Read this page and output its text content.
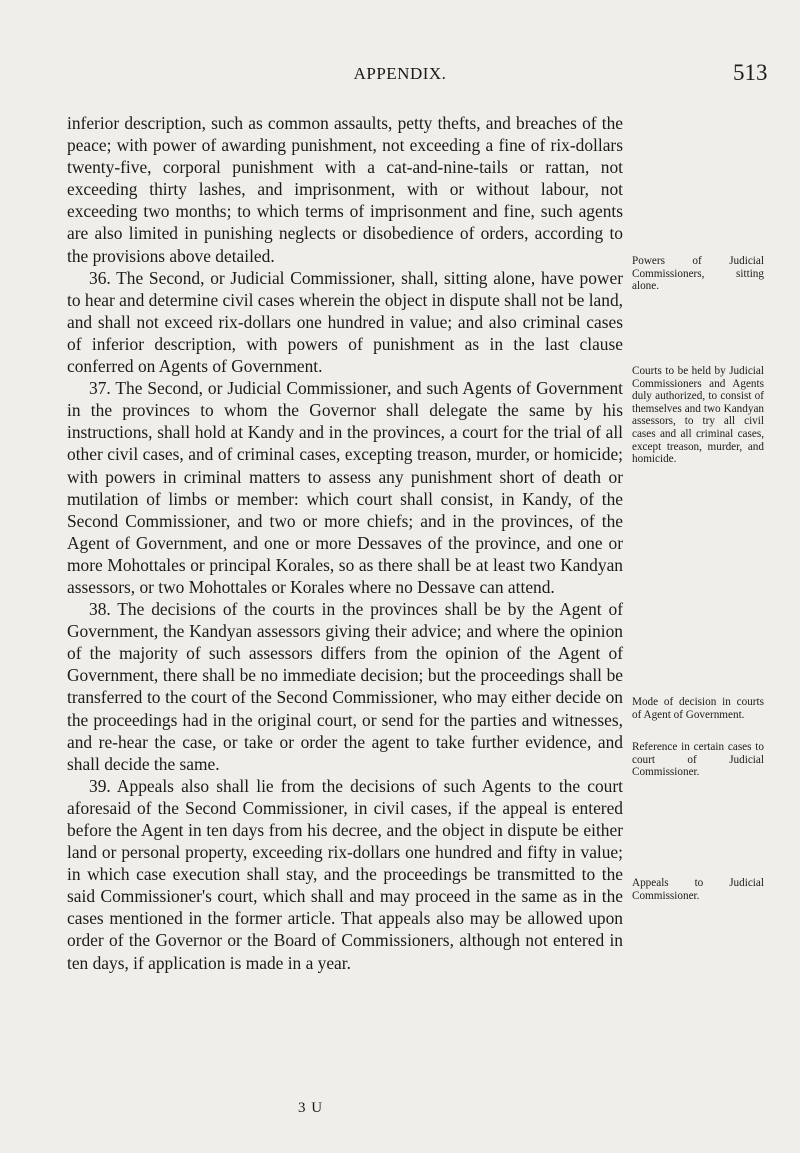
APPENDIX.	513

inferior description, such as common assaults, petty thefts, and breaches of the peace; with power of awarding punishment, not exceeding a fine of rix-dollars twenty-five, corporal punishment with a cat-and-nine-tails or rattan, not exceeding thirty lashes, and imprisonment, with or without labour, not exceeding two months; to which terms of imprisonment and fine, such agents are also limited in punishing neglects or disobedience of orders, according to the provisions above detailed.

36. The Second, or Judicial Commissioner, shall, sitting alone, have power to hear and determine civil cases wherein the object in dispute shall not be land, and shall not exceed rix-dollars one hundred in value; and also criminal cases of inferior description, with powers of punishment as in the last clause conferred on Agents of Government.

37. The Second, or Judicial Commissioner, and such Agents of Government in the provinces to whom the Governor shall delegate the same by his instructions, shall hold at Kandy and in the provinces, a court for the trial of all other civil cases, and of criminal cases, excepting treason, murder, or homicide; with powers in criminal matters to assess any punishment short of death or mutilation of limbs or member: which court shall consist, in Kandy, of the Second Commissioner, and two or more chiefs; and in the provinces, of the Agent of Government, and one or more Dessaves of the province, and one or more Mohottales or principal Korales, so as there shall be at least two Kandyan assessors, or two Mohottales or Korales where no Dessave can attend.

38. The decisions of the courts in the provinces shall be by the Agent of Government, the Kandyan assessors giving their advice; and where the opinion of the majority of such assessors differs from the opinion of the Agent of Government, there shall be no immediate decision; but the proceedings shall be transferred to the court of the Second Commissioner, who may either decide on the proceedings had in the original court, or send for the parties and witnesses, and re-hear the case, or take or order the agent to take further evidence, and shall decide the same.

39. Appeals also shall lie from the decisions of such Agents to the court aforesaid of the Second Commissioner, in civil cases, if the appeal is entered before the Agent in ten days from his decree, and the object in dispute be either land or personal property, exceeding rix-dollars one hundred and fifty in value; in which case execution shall stay, and the proceedings be transmitted to the said Commissioner's court, which shall and may proceed in the same as in the cases mentioned in the former article. That appeals also may be allowed upon order of the Governor or the Board of Commissioners, although not entered in ten days, if application is made in a year.

Powers of Judicial Commissioners, sitting alone.
Courts to be held by Judicial Commissioners and Agents duly authorized, to consist of themselves and two Kandyan assessors, to try all civil cases and all criminal cases, except treason, murder, and homicide.
Mode of decision in courts of Agent of Government.
Reference in certain cases to court of Judicial Commissioner.
Appeals to Judicial Commissioner.
3 U
